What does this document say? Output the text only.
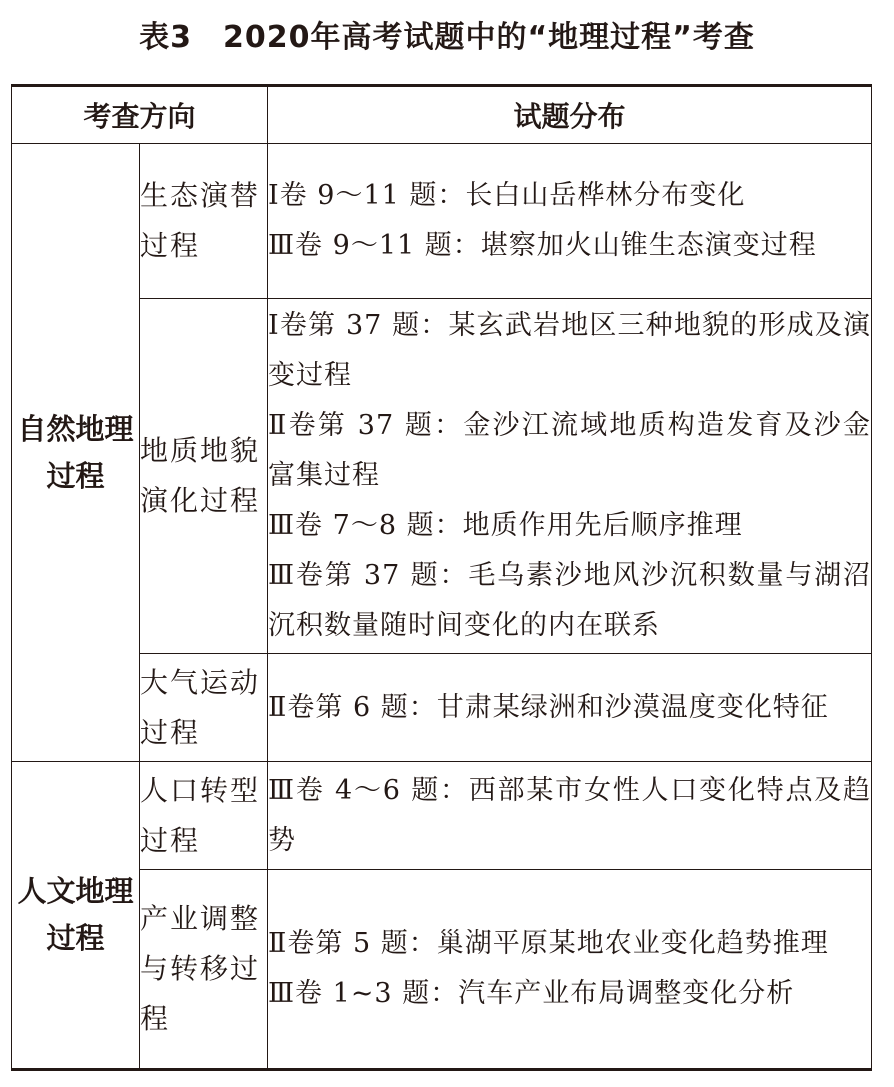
表3　2020年高考试题中的“地理过程”考查
考查方向		试题分布
自然地理过程	生态演替过程	Ⅰ卷 9～11 题：长白山岳桦林分布变化
Ⅲ卷 9～11 题：堪察加火山锥生态演变过程

	地质地貌演化过程	Ⅰ卷第 37 题：某玄武岩地区三种地貌的形成及演变过程
Ⅱ卷第 37 题：金沙江流域地质构造发育及沙金富集过程
Ⅲ卷 7～8 题：地质作用先后顺序推理
Ⅲ卷第 37 题：毛乌素沙地风沙沉积数量与湖沼沉积数量随时间变化的内在联系

	大气运动过程	Ⅱ卷第 6 题：甘肃某绿洲和沙漠温度变化特征

人文地理过程	人口转型过程	Ⅲ卷 4～6 题：西部某市女性人口变化特点及趋势

	产业调整与转移过程	Ⅱ卷第 5 题：巢湖平原某地农业变化趋势推理
Ⅲ卷 1~3 题：汽车产业布局调整变化分析
